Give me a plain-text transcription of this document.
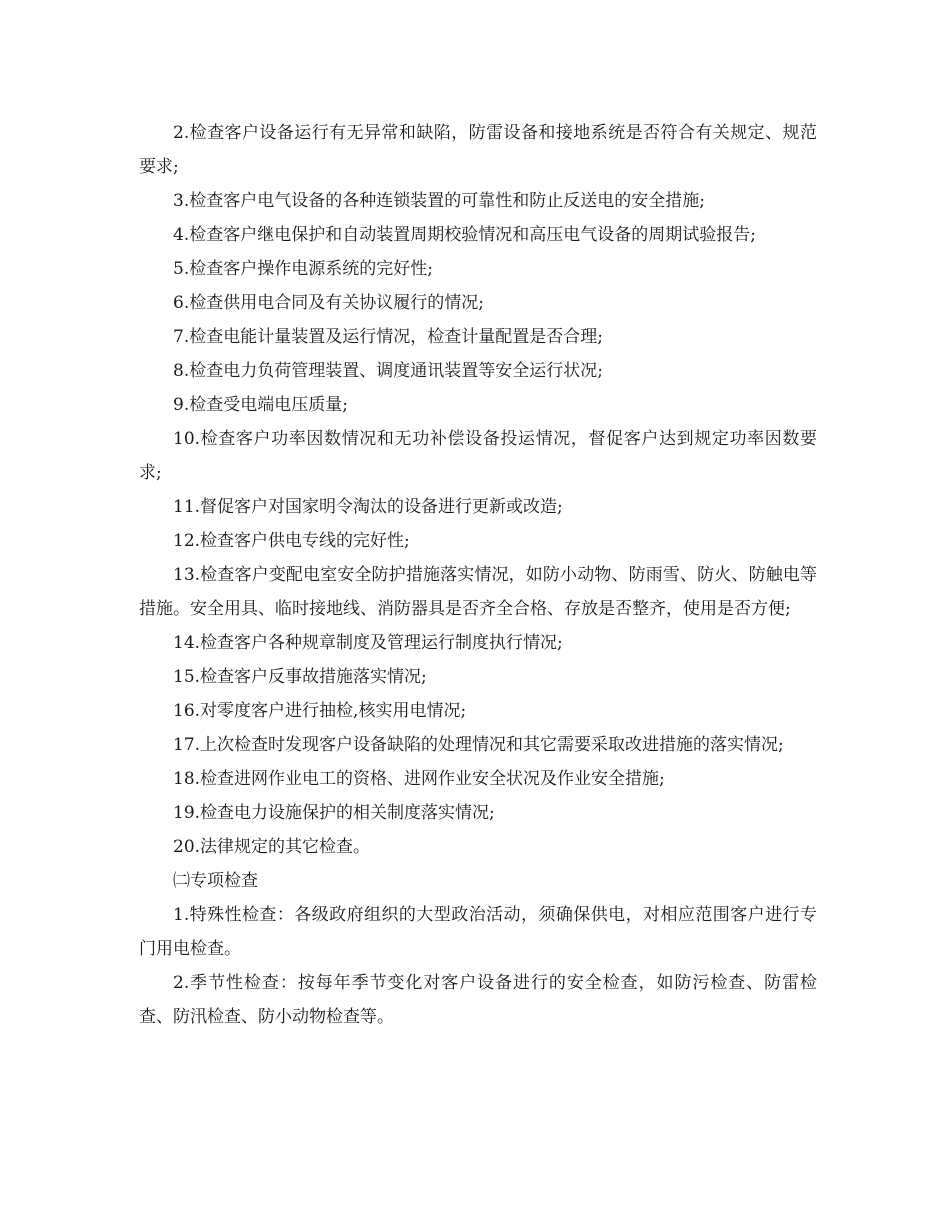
2.检查客户设备运行有无异常和缺陷，防雷设备和接地系统是否符合有关规定、规范要求;

3.检查客户电气设备的各种连锁装置的可靠性和防止反送电的安全措施;

4.检查客户继电保护和自动装置周期校验情况和高压电气设备的周期试验报告;

5.检查客户操作电源系统的完好性;

6.检查供用电合同及有关协议履行的情况;

7.检查电能计量装置及运行情况，检查计量配置是否合理;

8.检查电力负荷管理装置、调度通讯装置等安全运行状况;

9.检查受电端电压质量;

10.检查客户功率因数情况和无功补偿设备投运情况，督促客户达到规定功率因数要求;

11.督促客户对国家明令淘汰的设备进行更新或改造;

12.检查客户供电专线的完好性;

13.检查客户变配电室安全防护措施落实情况，如防小动物、防雨雪、防火、防触电等措施。安全用具、临时接地线、消防器具是否齐全合格、存放是否整齐，使用是否方便;

14.检查客户各种规章制度及管理运行制度执行情况;

15.检查客户反事故措施落实情况;

16.对零度客户进行抽检,核实用电情况;

17.上次检查时发现客户设备缺陷的处理情况和其它需要采取改进措施的落实情况;

18.检查进网作业电工的资格、进网作业安全状况及作业安全措施;

19.检查电力设施保护的相关制度落实情况;

20.法律规定的其它检查。

㈡专项检查

1.特殊性检查：各级政府组织的大型政治活动，须确保供电，对相应范围客户进行专门用电检查。

2.季节性检查：按每年季节变化对客户设备进行的安全检查，如防污检查、防雷检查、防汛检查、防小动物检查等。
